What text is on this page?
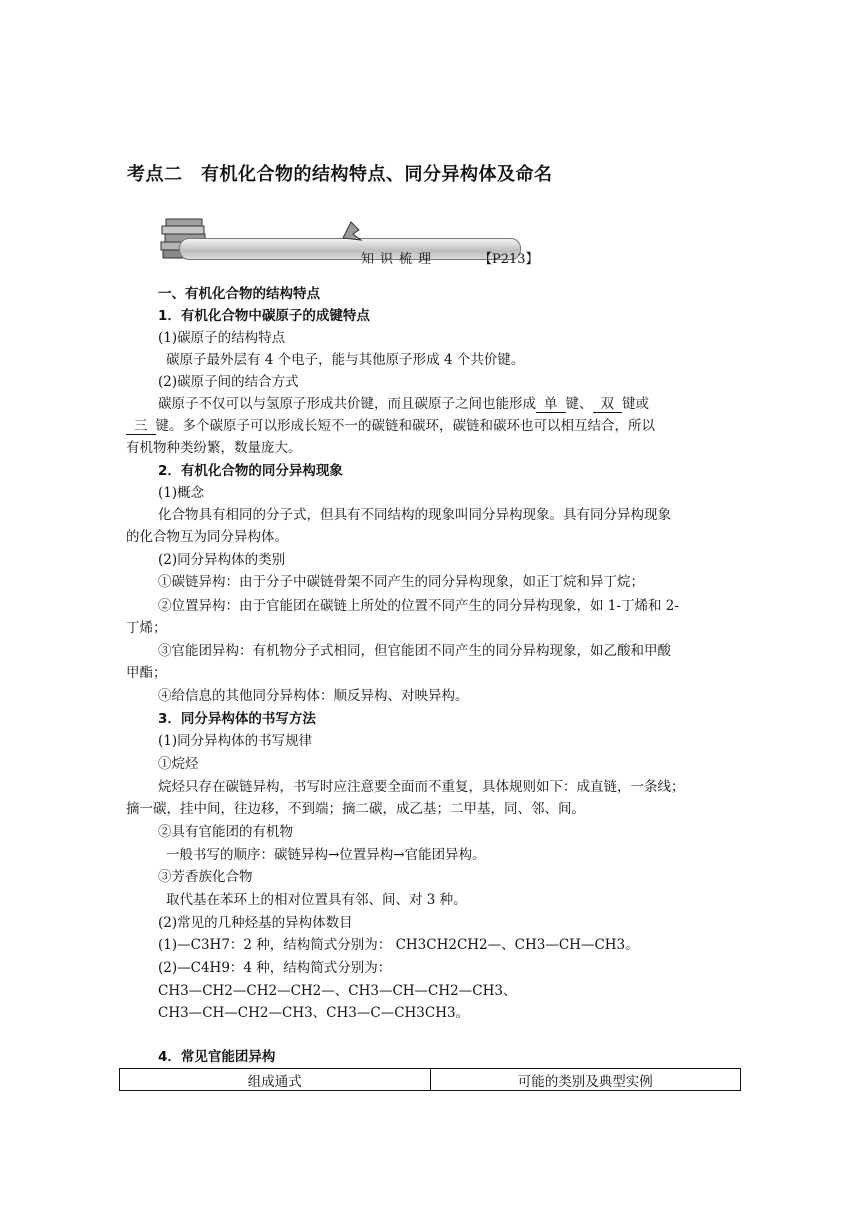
考点二　有机化合物的结构特点、同分异构体及命名
知识梳理	【P213】
一、有机化合物的结构特点
1．有机化合物中碳原子的成键特点
(1)碳原子的结构特点
碳原子最外层有 4 个电子，能与其他原子形成 4 个共价键。
(2)碳原子间的结合方式
碳原子不仅可以与氢原子形成共价键，而且碳原子之间也能形成 单 键、 双 键或
三 键。多个碳原子可以形成长短不一的碳链和碳环，碳链和碳环也可以相互结合，所以
有机物种类纷繁，数量庞大。
2．有机化合物的同分异构现象
(1)概念
化合物具有相同的分子式，但具有不同结构的现象叫同分异构现象。具有同分异构现象
的化合物互为同分异构体。
(2)同分异构体的类别
①碳链异构：由于分子中碳链骨架不同产生的同分异构现象，如正丁烷和异丁烷；
②位置异构：由于官能团在碳链上所处的位置不同产生的同分异构现象，如 1-丁烯和 2-
丁烯；
③官能团异构：有机物分子式相同，但官能团不同产生的同分异构现象，如乙酸和甲酸
甲酯；
④给信息的其他同分异构体：顺反异构、对映异构。
3．同分异构体的书写方法
(1)同分异构体的书写规律
①烷烃
烷烃只存在碳链异构，书写时应注意要全面而不重复，具体规则如下：成直链，一条线；
摘一碳，挂中间，往边移，不到端；摘二碳，成乙基；二甲基，同、邻、间。
②具有官能团的有机物
一般书写的顺序：碳链异构→位置异构→官能团异构。
③芳香族化合物
取代基在苯环上的相对位置具有邻、间、对 3 种。
(2)常见的几种烃基的异构体数目
(1)—C3H7：2 种，结构简式分别为： CH3CH2CH2—、CH3—CH—CH3。
(2)—C4H9：4 种，结构简式分别为：
CH3—CH2—CH2—CH2—、CH3—CH—CH2—CH3、
CH3—CH—CH2—CH3、CH3—C—CH3CH3。
4．常见官能团异构
组成通式	可能的类别及典型实例
